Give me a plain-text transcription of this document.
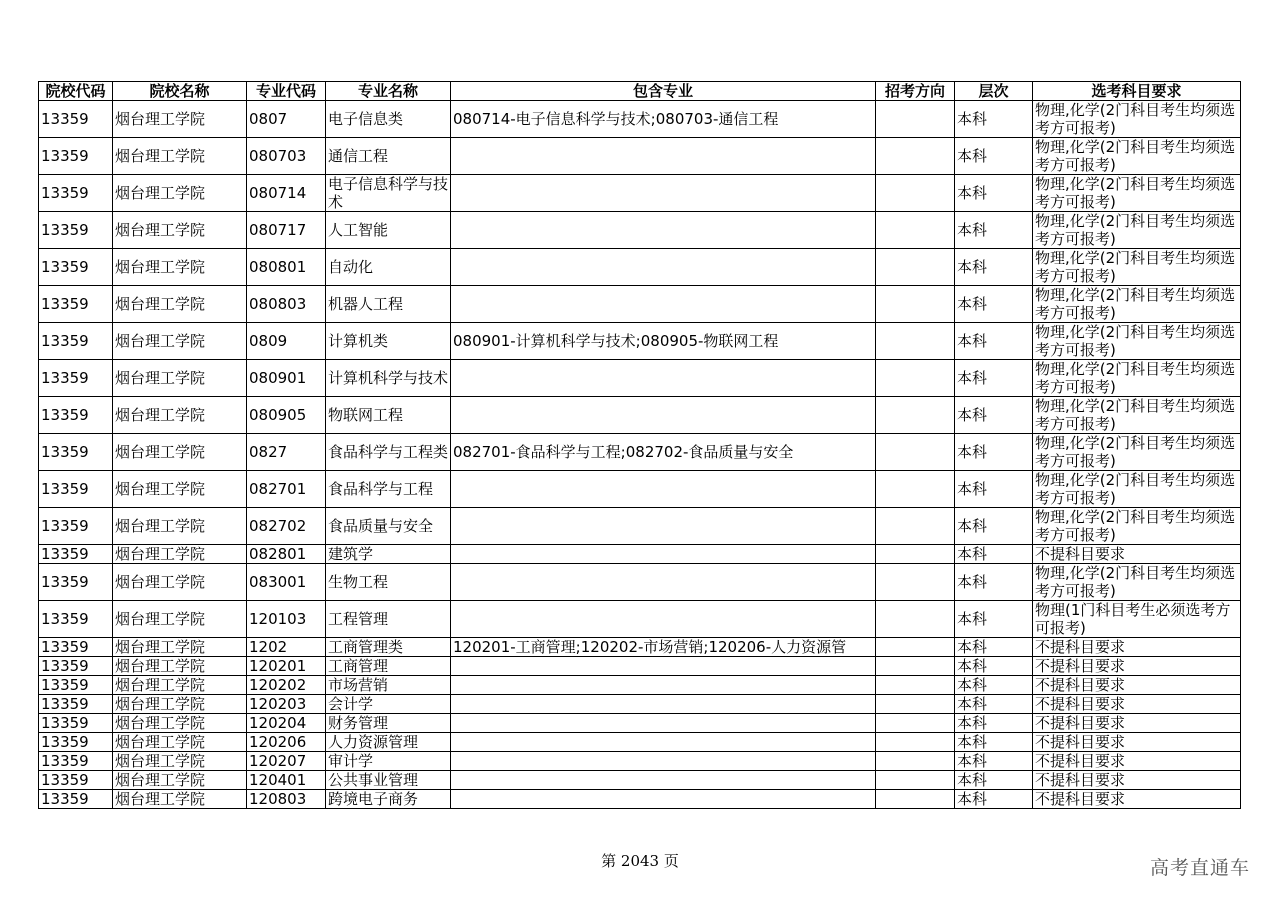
院校代码	院校名称	专业代码	专业名称	包含专业	招考方向	层次	选考科目要求
13359	烟台理工学院	0807	电子信息类	080714-电子信息科学与技术;080703-通信工程		本科	物理,化学(2门科目考生均须选考方可报考)
13359	烟台理工学院	080703	通信工程			本科	物理,化学(2门科目考生均须选考方可报考)
13359	烟台理工学院	080714	电子信息科学与技术			本科	物理,化学(2门科目考生均须选考方可报考)
13359	烟台理工学院	080717	人工智能			本科	物理,化学(2门科目考生均须选考方可报考)
13359	烟台理工学院	080801	自动化			本科	物理,化学(2门科目考生均须选考方可报考)
13359	烟台理工学院	080803	机器人工程			本科	物理,化学(2门科目考生均须选考方可报考)
13359	烟台理工学院	0809	计算机类	080901-计算机科学与技术;080905-物联网工程		本科	物理,化学(2门科目考生均须选考方可报考)
13359	烟台理工学院	080901	计算机科学与技术			本科	物理,化学(2门科目考生均须选考方可报考)
13359	烟台理工学院	080905	物联网工程			本科	物理,化学(2门科目考生均须选考方可报考)
13359	烟台理工学院	0827	食品科学与工程类	082701-食品科学与工程;082702-食品质量与安全		本科	物理,化学(2门科目考生均须选考方可报考)
13359	烟台理工学院	082701	食品科学与工程			本科	物理,化学(2门科目考生均须选考方可报考)
13359	烟台理工学院	082702	食品质量与安全			本科	物理,化学(2门科目考生均须选考方可报考)
13359	烟台理工学院	082801	建筑学			本科	不提科目要求
13359	烟台理工学院	083001	生物工程			本科	物理,化学(2门科目考生均须选考方可报考)
13359	烟台理工学院	120103	工程管理			本科	物理(1门科目考生必须选考方可报考)
13359	烟台理工学院	1202	工商管理类	120201-工商管理;120202-市场营销;120206-人力资源管		本科	不提科目要求
13359	烟台理工学院	120201	工商管理			本科	不提科目要求
13359	烟台理工学院	120202	市场营销			本科	不提科目要求
13359	烟台理工学院	120203	会计学			本科	不提科目要求
13359	烟台理工学院	120204	财务管理			本科	不提科目要求
13359	烟台理工学院	120206	人力资源管理			本科	不提科目要求
13359	烟台理工学院	120207	审计学			本科	不提科目要求
13359	烟台理工学院	120401	公共事业管理			本科	不提科目要求
13359	烟台理工学院	120803	跨境电子商务			本科	不提科目要求
第 2043 页	高考直通车
